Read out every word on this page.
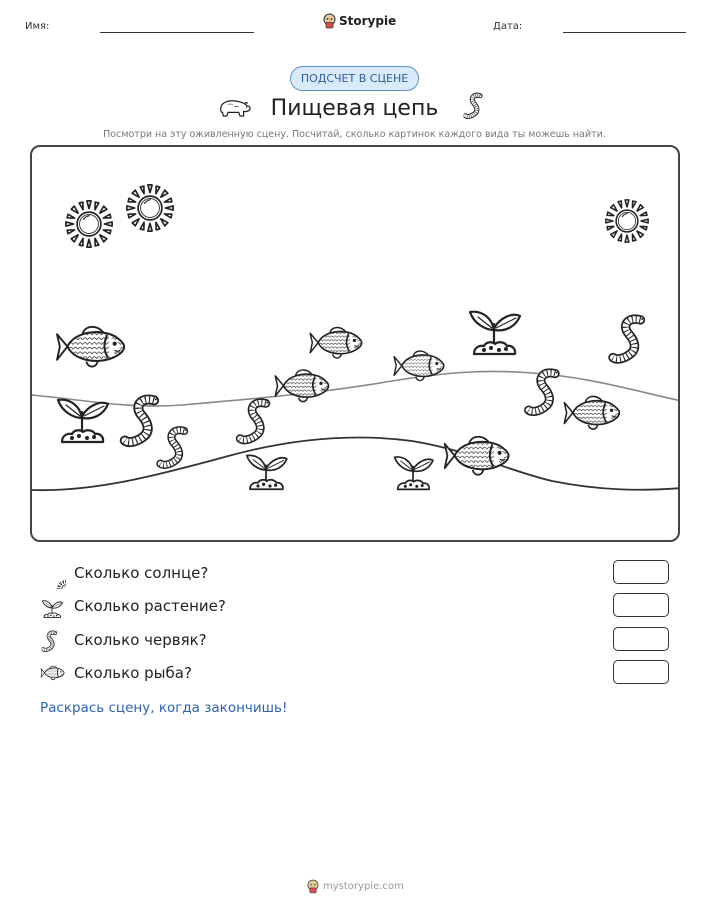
Имя:	Storypie	Дата:
ПОДСЧЕТ В СЦЕНЕ
Пищевая цепь
Посмотри на эту оживленную сцену. Посчитай, сколько картинок каждого вида ты можешь найти.
Сколько солнце?
Сколько растение?
Сколько червяк?
Сколько рыба?
Раскрась сцену, когда закончишь!
mystorypie.com
